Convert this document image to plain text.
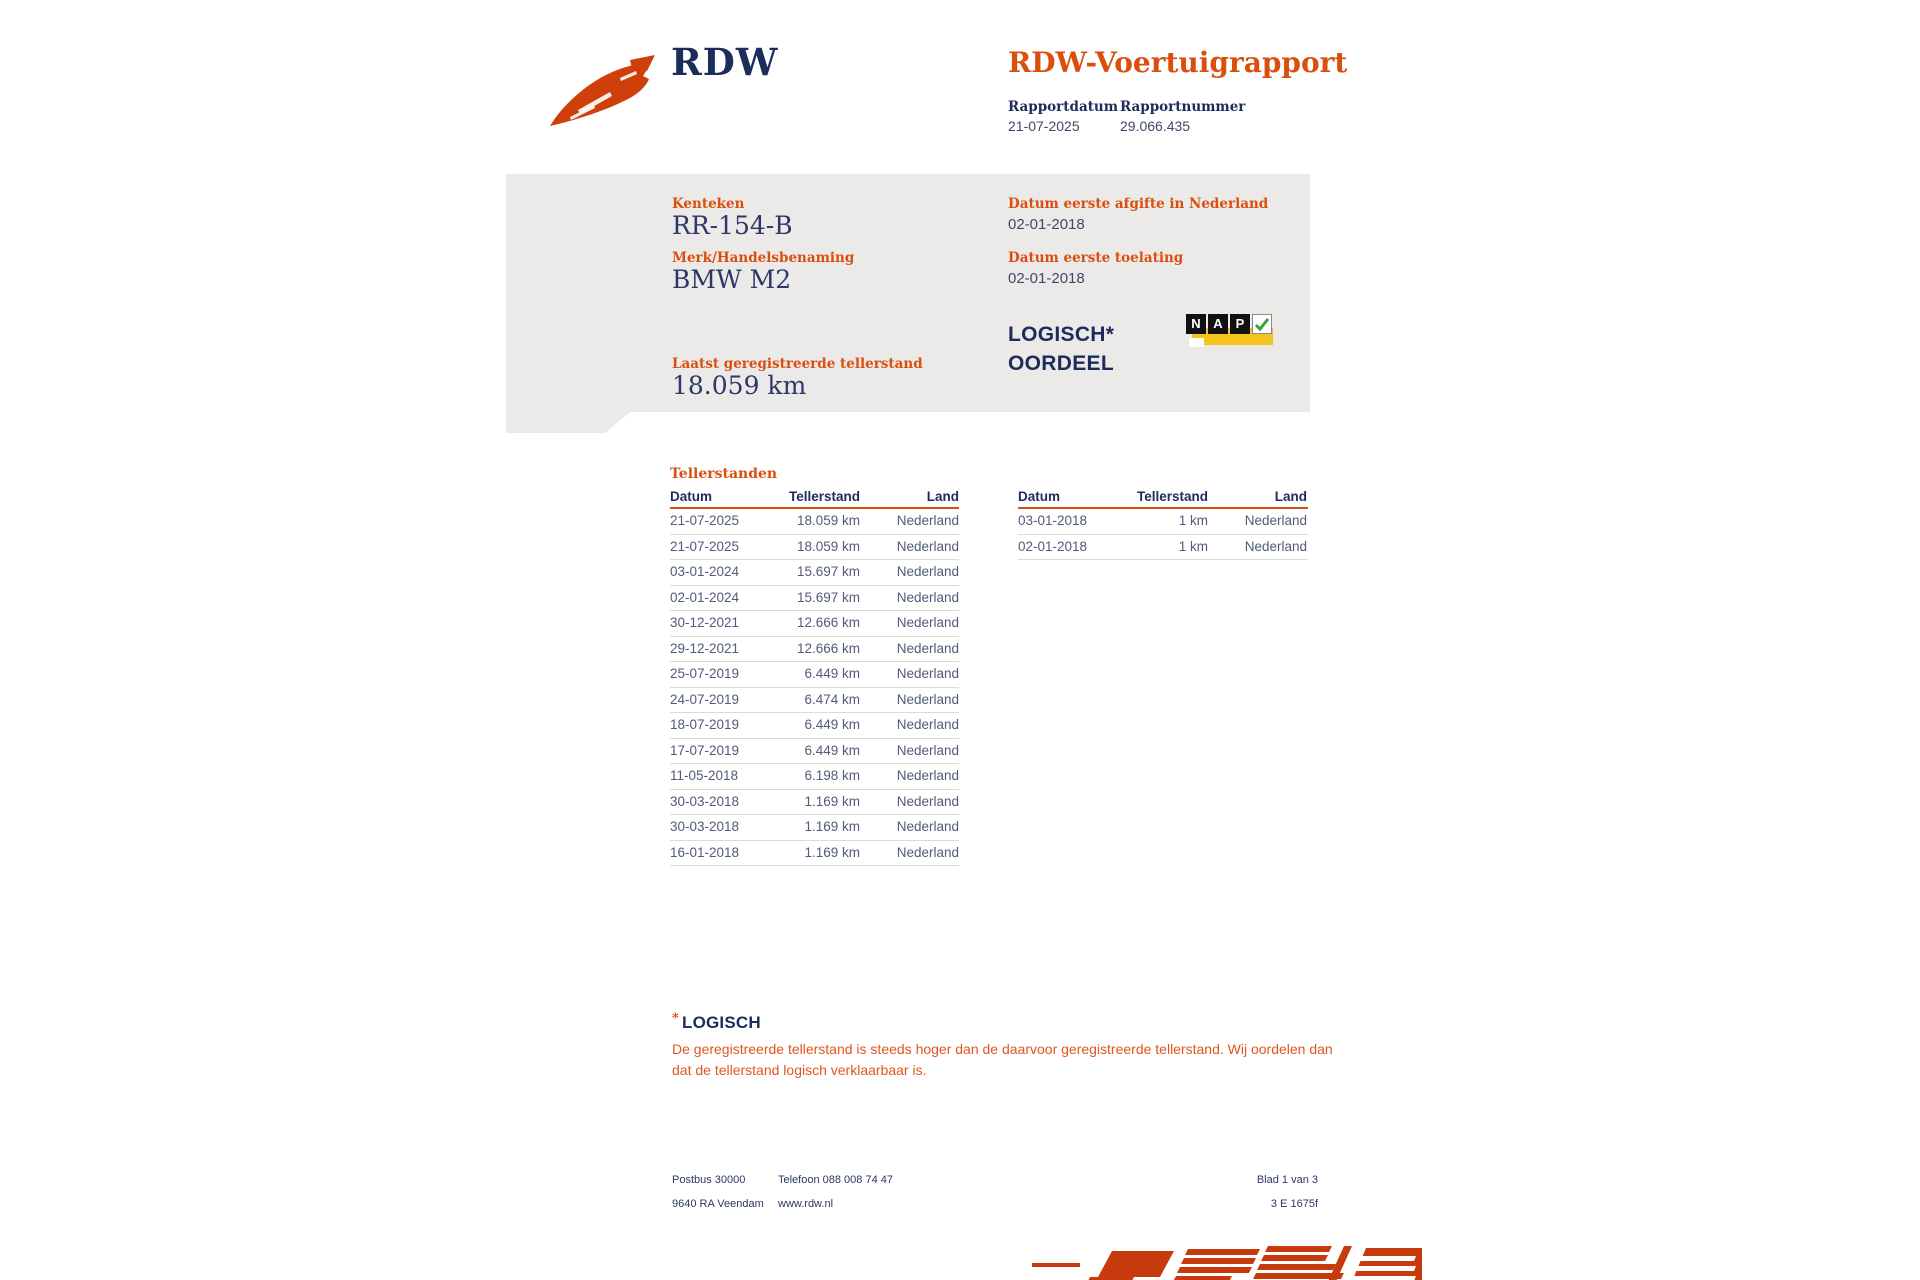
RDW	RDW-Voertuigrapport
Rapportdatum Rapportnummer
21-07-2025	29.066.435
Kenteken
RR-154-B
Merk/Handelsbenaming
BMW M2
Datum eerste afgifte in Nederland
02-01-2018
Datum eerste toelating
02-01-2018
LOGISCH*
OORDEEL
N A P
Laatst geregistreerde tellerstand
18.059 km
Tellerstanden
Datum	Tellerstand	Land
21-07-2025	18.059 km	Nederland
21-07-2025	18.059 km	Nederland
03-01-2024	15.697 km	Nederland
02-01-2024	15.697 km	Nederland
30-12-2021	12.666 km	Nederland
29-12-2021	12.666 km	Nederland
25-07-2019	6.449 km	Nederland
24-07-2019	6.474 km	Nederland
18-07-2019	6.449 km	Nederland
17-07-2019	6.449 km	Nederland
11-05-2018	6.198 km	Nederland
30-03-2018	1.169 km	Nederland
30-03-2018	1.169 km	Nederland
16-01-2018	1.169 km	Nederland
Datum	Tellerstand	Land
03-01-2018	1 km	Nederland
02-01-2018	1 km	Nederland
* LOGISCH
De geregistreerde tellerstand is steeds hoger dan de daarvoor geregistreerde tellerstand. Wij oordelen dan dat de tellerstand logisch verklaarbaar is.
Postbus 30000
9640 RA Veendam
Telefoon 088 008 74 47
www.rdw.nl
Blad 1 van 3
3 E 1675f
